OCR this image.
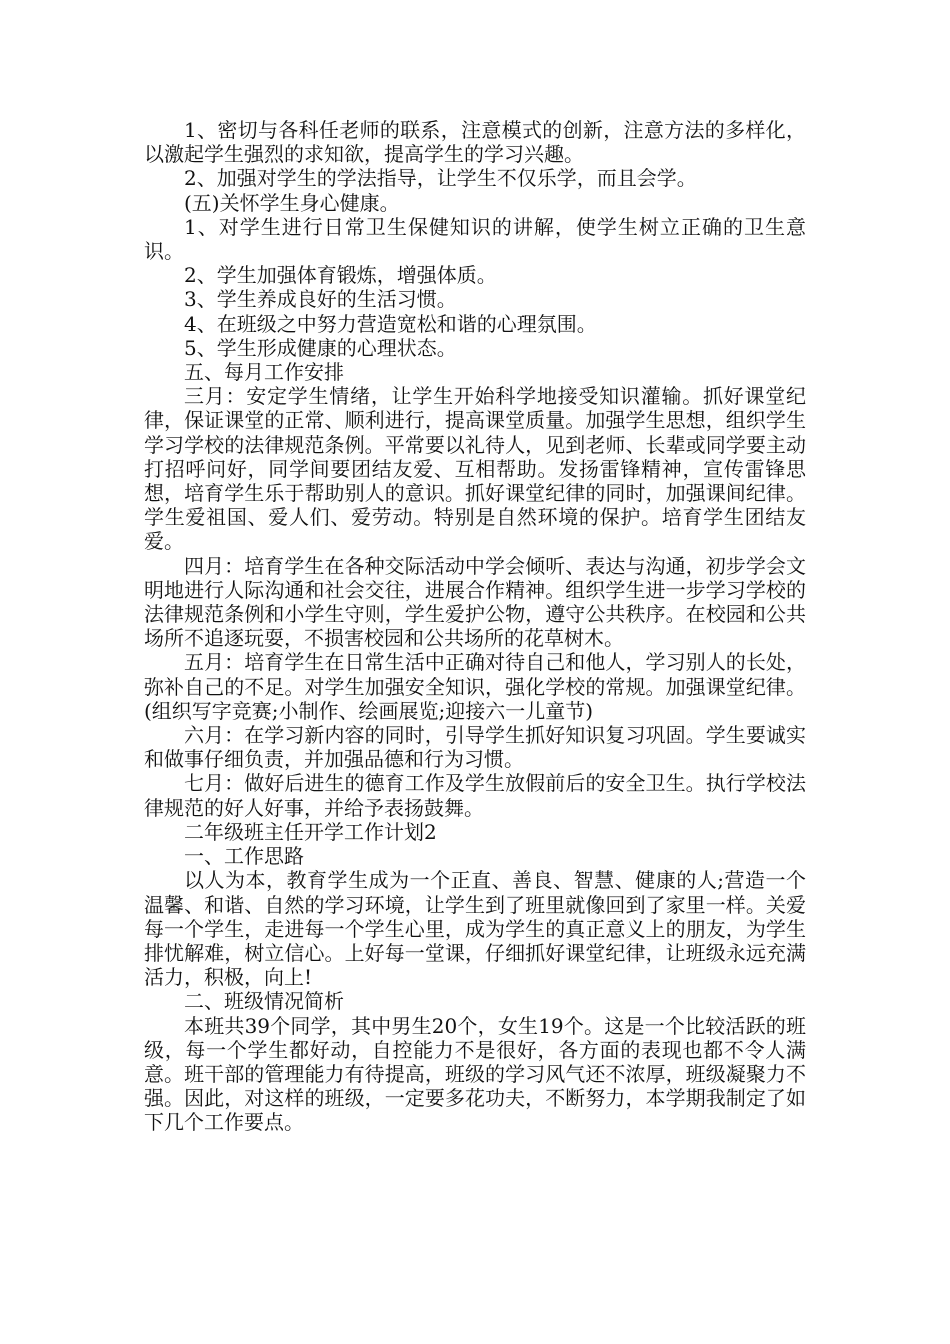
1、密切与各科任老师的联系，注意模式的创新，注意方法的多样化，以激起学生强烈的求知欲，提高学生的学习兴趣。

2、加强对学生的学法指导，让学生不仅乐学，而且会学。

(五)关怀学生身心健康。

1、对学生进行日常卫生保健知识的讲解，使学生树立正确的卫生意识。

2、学生加强体育锻炼，增强体质。

3、学生养成良好的生活习惯。

4、在班级之中努力营造宽松和谐的心理氛围。

5、学生形成健康的心理状态。

五、每月工作安排

三月：安定学生情绪，让学生开始科学地接受知识灌输。抓好课堂纪律，保证课堂的正常、顺利进行，提高课堂质量。加强学生思想，组织学生学习学校的法律规范条例。平常要以礼待人，见到老师、长辈或同学要主动打招呼问好，同学间要团结友爱、互相帮助。发扬雷锋精神，宣传雷锋思想，培育学生乐于帮助别人的意识。抓好课堂纪律的同时，加强课间纪律。学生爱祖国、爱人们、爱劳动。特别是自然环境的保护。培育学生团结友爱。

四月：培育学生在各种交际活动中学会倾听、表达与沟通，初步学会文明地进行人际沟通和社会交往，进展合作精神。组织学生进一步学习学校的法律规范条例和小学生守则，学生爱护公物，遵守公共秩序。在校园和公共场所不追逐玩耍，不损害校园和公共场所的花草树木。

五月：培育学生在日常生活中正确对待自己和他人，学习别人的长处，弥补自己的不足。对学生加强安全知识，强化学校的常规。加强课堂纪律。(组织写字竞赛;小制作、绘画展览;迎接六一儿童节)

六月：在学习新内容的同时，引导学生抓好知识复习巩固。学生要诚实和做事仔细负责，并加强品德和行为习惯。

七月：做好后进生的德育工作及学生放假前后的安全卫生。执行学校法律规范的好人好事，并给予表扬鼓舞。

二年级班主任开学工作计划2

一、工作思路

以人为本，教育学生成为一个正直、善良、智慧、健康的人;营造一个温馨、和谐、自然的学习环境，让学生到了班里就像回到了家里一样。关爱每一个学生，走进每一个学生心里，成为学生的真正意义上的朋友，为学生排忧解难，树立信心。上好每一堂课，仔细抓好课堂纪律，让班级永远充满活力，积极，向上!

二、班级情况简析

本班共39个同学，其中男生20个，女生19个。这是一个比较活跃的班级，每一个学生都好动，自控能力不是很好，各方面的表现也都不令人满意。班干部的管理能力有待提高，班级的学习风气还不浓厚，班级凝聚力不强。因此，对这样的班级，一定要多花功夫，不断努力，本学期我制定了如下几个工作要点。
